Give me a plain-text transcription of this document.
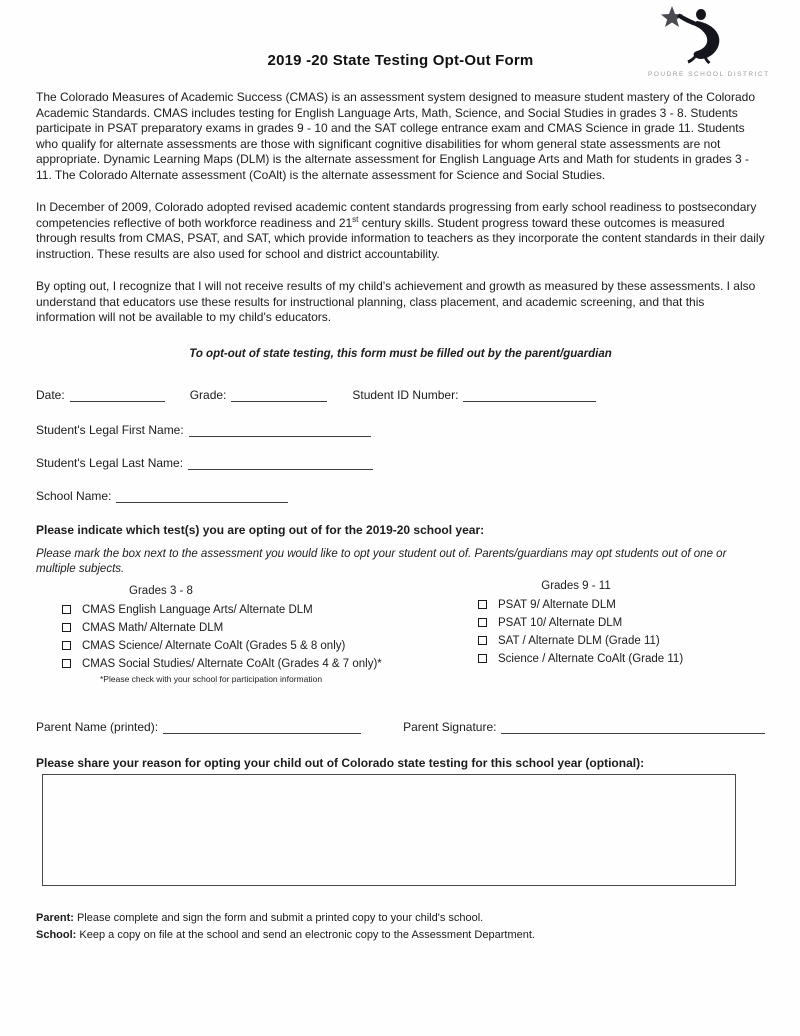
POUDRE SCHOOL DISTRICT
2019 -20 State Testing Opt-Out Form

The Colorado Measures of Academic Success (CMAS) is an assessment system designed to measure student mastery of the Colorado Academic Standards. CMAS includes testing for English Language Arts, Math, Science, and Social Studies in grades 3 - 8. Students participate in PSAT preparatory exams in grades 9 - 10 and the SAT college entrance exam and CMAS Science in grade 11. Students who qualify for alternate assessments are those with significant cognitive disabilities for whom general state assessments are not appropriate. Dynamic Learning Maps (DLM) is the alternate assessment for English Language Arts and Math for students in grades 3 - 11. The Colorado Alternate assessment (CoAlt) is the alternate assessment for Science and Social Studies.

In December of 2009, Colorado adopted revised academic content standards progressing from early school readiness to postsecondary competencies reflective of both workforce readiness and 21st century skills. Student progress toward these outcomes is measured through results from CMAS, PSAT, and SAT, which provide information to teachers as they incorporate the content standards in their daily instruction. These results are also used for school and district accountability.

By opting out, I recognize that I will not receive results of my child's achievement and growth as measured by these assessments. I also understand that educators use these results for instructional planning, class placement, and academic screening, and that this information will not be available to my child's educators.

To opt-out of state testing, this form must be filled out by the parent/guardian
Date:	Grade:	Student ID Number:
Student's Legal First Name:
Student's Legal Last Name:
School Name:
Please indicate which test(s) you are opting out of for the 2019-20 school year:
Please mark the box next to the assessment you would like to opt your student out of. Parents/guardians may opt students out of one or multiple subjects.
Grades 3 - 8
CMAS English Language Arts/ Alternate DLM
CMAS Math/ Alternate DLM
CMAS Science/ Alternate CoAlt (Grades 5 & 8 only)
CMAS Social Studies/ Alternate CoAlt (Grades 4 & 7 only)*
*Please check with your school for participation information
Grades 9 - 11
PSAT 9/ Alternate DLM
PSAT 10/ Alternate DLM
SAT / Alternate DLM (Grade 11)
Science / Alternate CoAlt (Grade 11)
Parent Name (printed):	Parent Signature:
Please share your reason for opting your child out of Colorado state testing for this school year (optional):
Parent: Please complete and sign the form and submit a printed copy to your child's school.
School: Keep a copy on file at the school and send an electronic copy to the Assessment Department.
